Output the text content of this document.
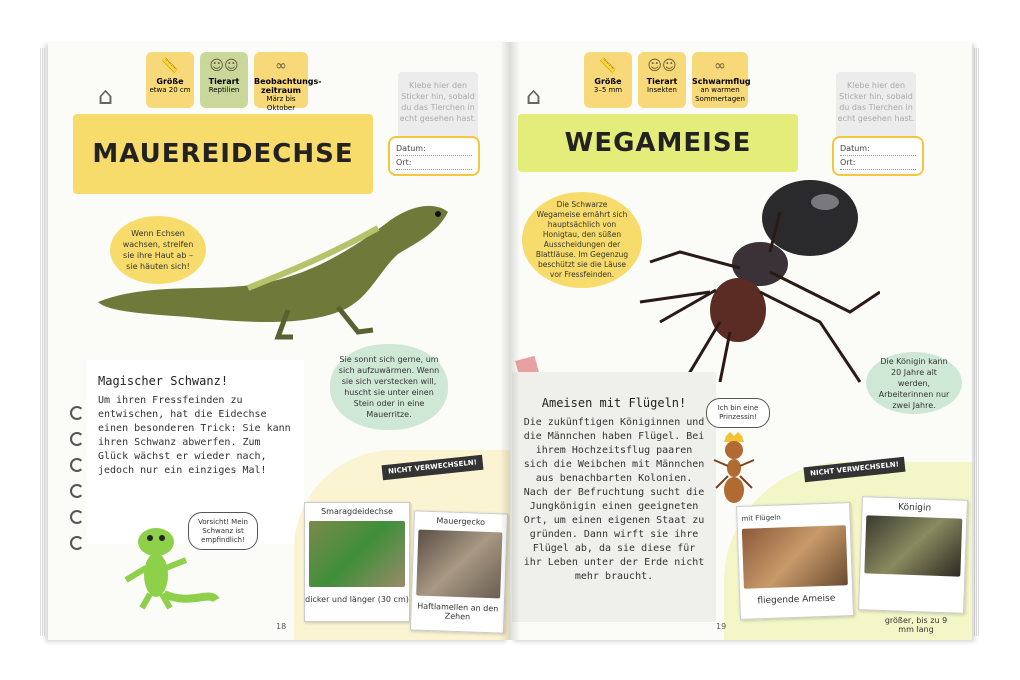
⌂
📏
Größe
etwa 20 cm
☺☺
Tierart
Reptilien
∞
Beobachtungs-zeitraum
März bis Oktober
MAUEREIDECHSE
Klebe hier den Sticker hin, sobald du das Tierchen in echt gesehen hast.
Datum:
Ort:
Wenn Echsen wachsen, streifen sie ihre Haut ab – sie häuten sich!
Sie sonnt sich gerne, um sich aufzuwärmen. Wenn sie sich verstecken will, huscht sie unter einen Stein oder in eine Mauerritze.
Magischer Schwanz!

Um ihren Fressfeinden zu entwischen, hat die Eidechse einen besonderen Trick: Sie kann ihren Schwanz abwerfen. Zum Glück wächst er wieder nach, jedoch nur ein einziges Mal!

Vorsicht! Mein Schwanz ist empfindlich!
NICHT VERWECHSELN!
Smaragdeidechse
dicker und länger (30 cm)
Mauergecko
Haftlamellen an den Zehen
18
⌂
📏
Größe
3–5 mm
☺☺
Tierart
Insekten
∞
Schwarmflug
an warmen Sommertagen
WEGAMEISE
Klebe hier den Sticker hin, sobald du das Tierchen in echt gesehen hast.
Datum:
Ort:
Die Schwarze Wegameise ernährt sich hauptsächlich von Honigtau, den süßen Ausscheidungen der Blattläuse. Im Gegenzug beschützt sie die Läuse vor Fressfeinden.
Die Königin kann 20 Jahre alt werden, Arbeiterinnen nur zwei Jahre.
Ameisen mit Flügeln!

Die zukünftigen Königinnen und die Männchen haben Flügel. Bei ihrem Hochzeitsflug paaren sich die Weibchen mit Männchen aus benachbarten Kolonien. Nach der Befruchtung sucht die Jungkönigin einen geeigneten Ort, um einen eigenen Staat zu gründen. Dann wirft sie ihre Flügel ab, da sie diese für ihr Leben unter der Erde nicht mehr braucht.

Ich bin eine Prinzessin!
NICHT VERWECHSELN!
mit Flügeln
fliegende Ameise
Königin
größer, bis zu 9 mm lang
19
